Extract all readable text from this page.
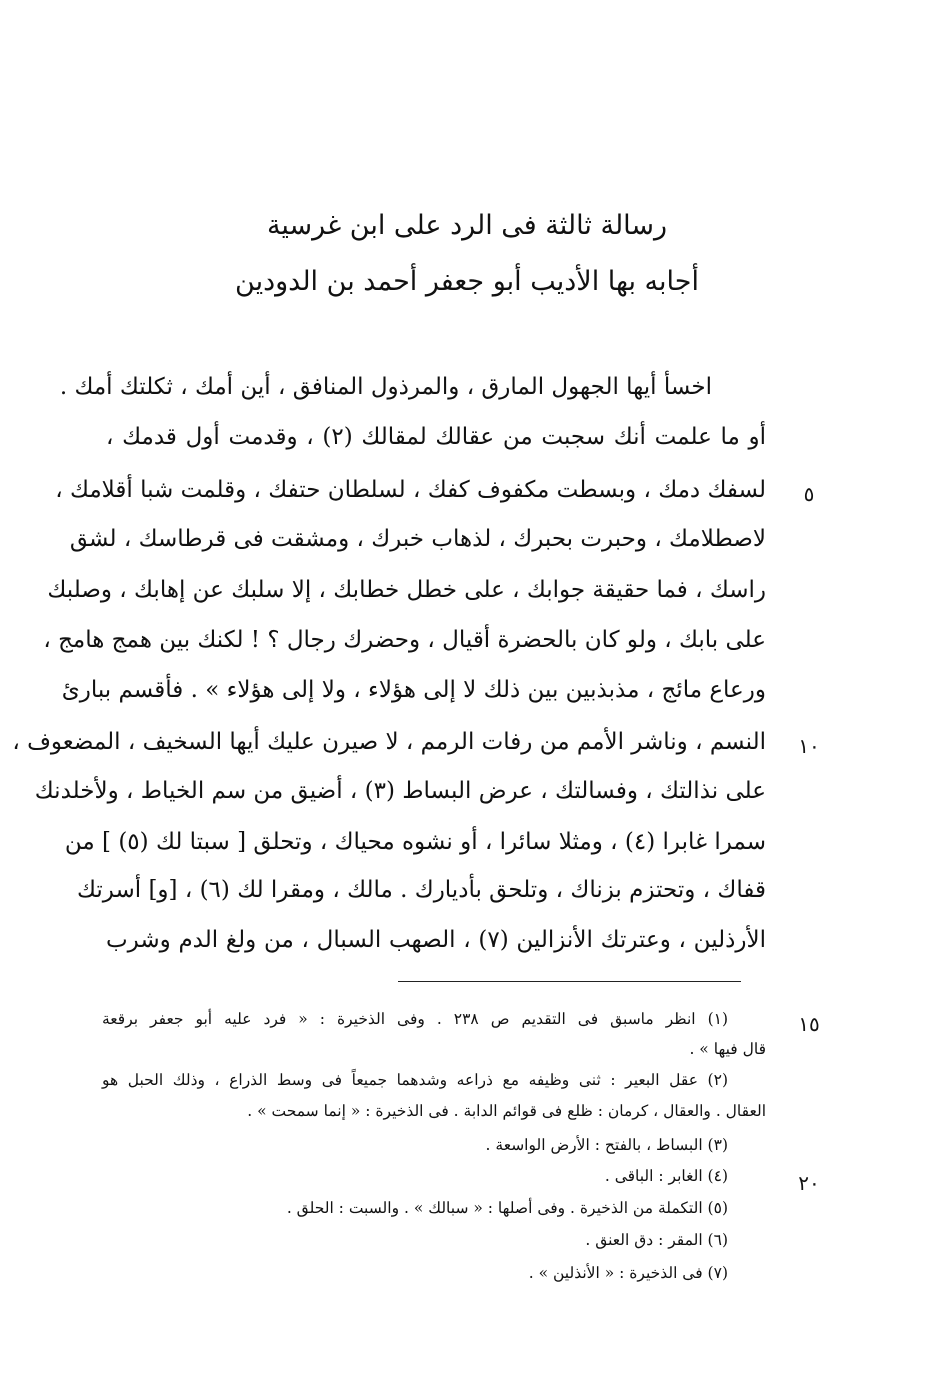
رسالة ثالثة فى الرد على ابن غرسية
أجابه بها الأديب أبو جعفر أحمد بن الدودين
اخسأ أيها الجهول المارق ، والمرذول المنافق ، أين أمك ، ثكلتك أمك .
أو ما علمت أنك سجبت من عقالك لمقالك (٢) ، وقدمت أول قدمك ،
لسفك دمك ، وبسطت مكفوف كفك ، لسلطان حتفك ، وقلمت شبا أقلامك ،
لاصطلامك ، وحبرت بحبرك ، لذهاب خبرك ، ومشقت فى قرطاسك ، لشق
راسك ، فما حقيقة جوابك ، على خطل خطابك ، إلا سلبك عن إهابك ، وصلبك
على بابك ، ولو كان بالحضرة أقيال ، وحضرك رجال ؟ ! لكنك بين همج هامج ،
ورعاع مائج ، مذبذبين بين ذلك لا إلى هؤلاء ، ولا إلى هؤلاء » . فأقسم ببارئ
النسم ، وناشر الأمم من رفات الرمم ، لا صيرن عليك أيها السخيف ، المضعوف ،
على نذالتك ، وفسالتك ، عرض البساط (٣) ، أضيق من سم الخياط ، ولأخلدنك
سمرا غابرا (٤) ، ومثلا سائرا ، أو نشوه محياك ، وتحلق [ سبتا لك (٥) ] من
قفاك ، وتحتزم بزناك ، وتلحق بأديارك . مالك ، ومقرا لك (٦) ، [و] أسرتك
الأرذلين ، وعترتك الأنزالين (٧) ، الصهب السبال ، من ولغ الدم وشرب
٥
١٠
١٥
٢٠
(١) انظر ماسبق فى التقديم ص ٢٣٨ . وفى الذخيرة : « فرد عليه أبو جعفر برقعة
قال فيها » .
(٢) عقل البعير : ثنى وظيفه مع ذراعه وشدهما جميعاً فى وسط الذراع ، وذلك الحبل هو
العقال . والعقال ، كرمان : ظلع فى قوائم الدابة . فى الذخيرة : « إنما سمحت » .
(٣) البساط ، بالفتح : الأرض الواسعة .
(٤) الغابر : الباقى .
(٥) التكملة من الذخيرة . وفى أصلها : « سبالك » . والسبت : الحلق .
(٦) المقر : دق العنق .
(٧) فى الذخيرة : « الأنذلين » .
